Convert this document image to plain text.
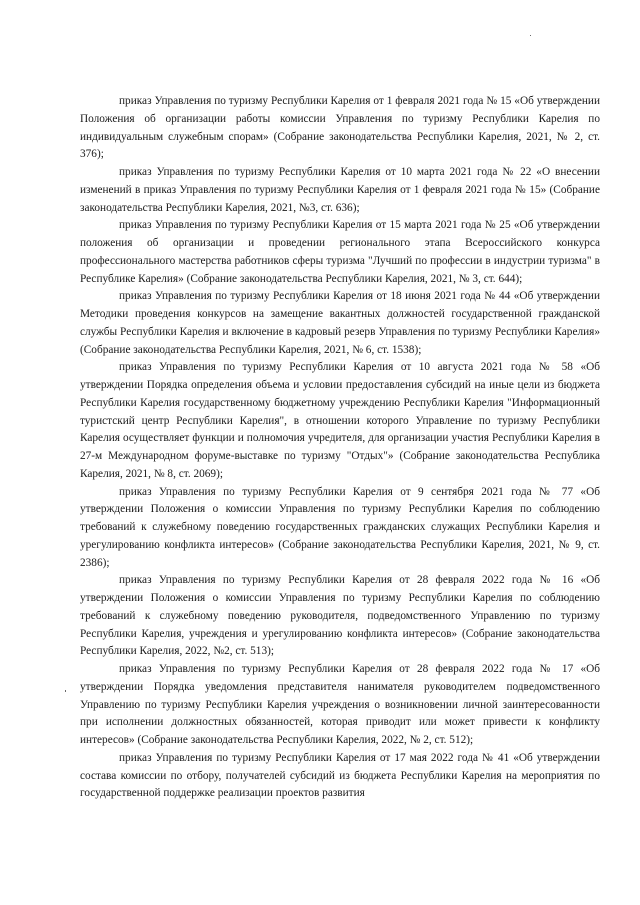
приказ Управления по туризму Республики Карелия от 1 февраля 2021 года № 15 «Об утверждении Положения об организации работы комиссии Управления по туризму Республики Карелия по индивидуальным служебным спорам» (Собрание законодательства Республики Карелия, 2021, № 2, ст. 376);

приказ Управления по туризму Республики Карелия от 10 марта 2021 года № 22 «О внесении изменений в приказ Управления по туризму Республики Карелия от 1 февраля 2021 года № 15» (Собрание законодательства Республики Карелия, 2021, №3, ст. 636);

приказ Управления по туризму Республики Карелия от 15 марта 2021 года № 25 «Об утверждении положения об организации и проведении регионального этапа Всероссийского конкурса профессионального мастерства работников сферы туризма "Лучший по профессии в индустрии туризма" в Республике Карелия» (Собрание законодательства Республики Карелия, 2021, № 3, ст. 644);

приказ Управления по туризму Республики Карелия от 18 июня 2021 года № 44 «Об утверждении Методики проведения конкурсов на замещение вакантных должностей государственной гражданской службы Республики Карелия и включение в кадровый резерв Управления по туризму Республики Карелия» (Собрание законодательства Республики Карелия, 2021, № 6, ст. 1538);

приказ Управления по туризму Республики Карелия от 10 августа 2021 года № 58 «Об утверждении Порядка определения объема и условии предоставления субсидий на иные цели из бюджета Республики Карелия государственному бюджетному учреждению Республики Карелия "Информационный туристский центр Республики Карелия", в отношении которого Управление по туризму Республики Карелия осуществляет функции и полномочия учредителя, для организации участия Республики Карелия в 27-м Международном форуме-выставке по туризму "Отдых"» (Собрание законодательства Республика Карелия, 2021, № 8, ст. 2069);

приказ Управления по туризму Республики Карелия от 9 сентября 2021 года № 77 «Об утверждении Положения о комиссии Управления по туризму Республики Карелия по соблюдению требований к служебному поведению государственных гражданских служащих Республики Карелия и урегулированию конфликта интересов» (Собрание законодательства Республики Карелия, 2021, № 9, ст. 2386);

приказ Управления по туризму Республики Карелия от 28 февраля 2022 года № 16 «Об утверждении Положения о комиссии Управления по туризму Республики Карелия по соблюдению требований к служебному поведению руководителя, подведомственного Управлению по туризму Республики Карелия, учреждения и урегулированию конфликта интересов» (Собрание законодательства Республики Карелия, 2022, №2, ст. 513);

приказ Управления по туризму Республики Карелия от 28 февраля 2022 года № 17 «Об утверждении Порядка уведомления представителя нанимателя руководителем подведомственного Управлению по туризму Республики Карелия учреждения о возникновении личной заинтересованности при исполнении должностных обязанностей, которая приводит или может привести к конфликту интересов» (Собрание законодательства Республики Карелия, 2022, № 2, ст. 512);

приказ Управления по туризму Республики Карелия от 17 мая 2022 года № 41 «Об утверждении состава комиссии по отбору, получателей субсидий из бюджета Республики Карелия на мероприятия по государственной поддержке реализации проектов развития
